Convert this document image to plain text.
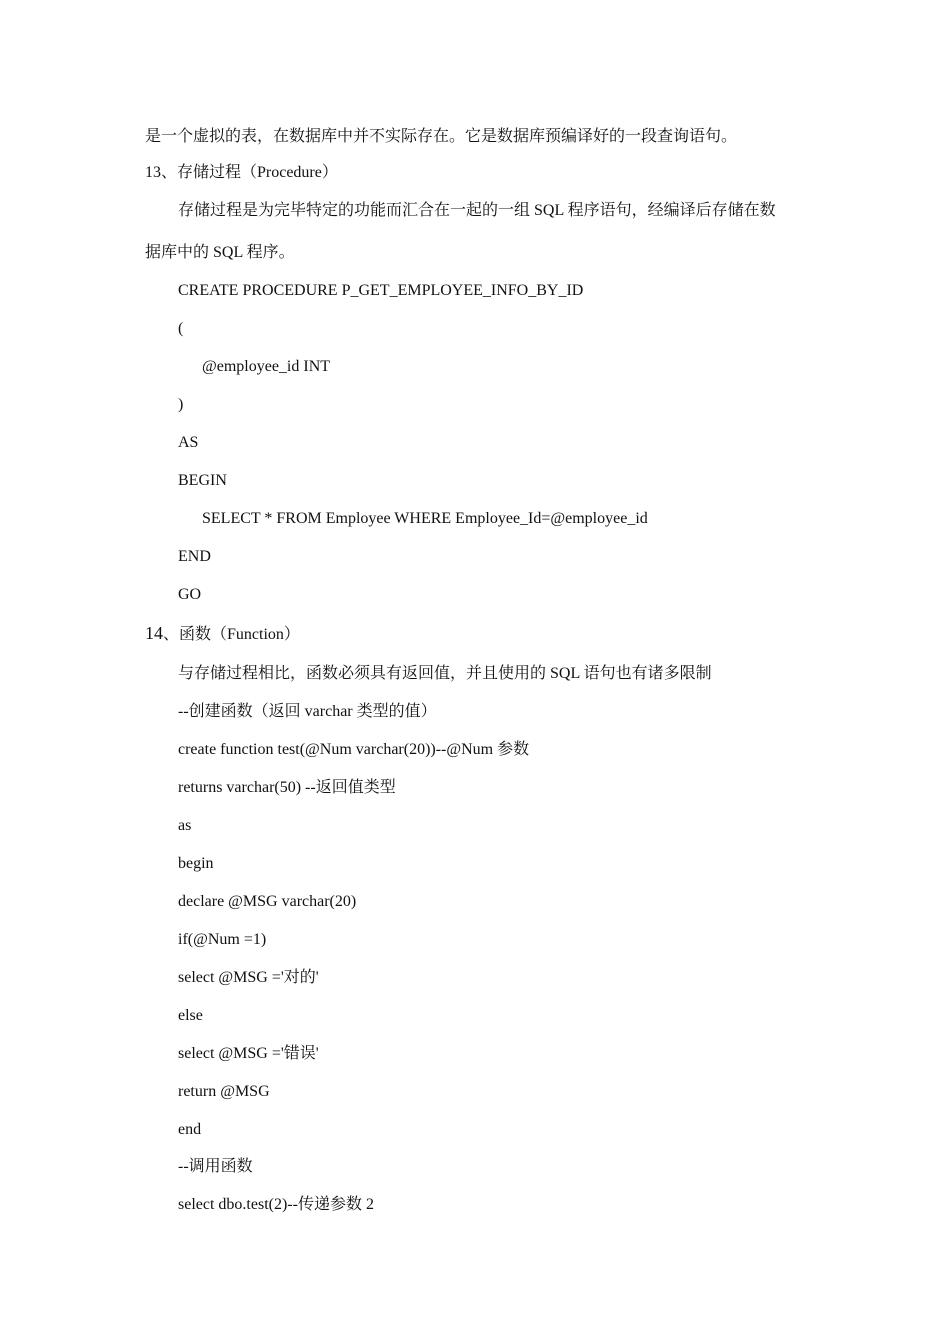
是一个虚拟的表，在数据库中并不实际存在。它是数据库预编译好的一段查询语句。
13、存储过程（Procedure）
存储过程是为完毕特定的功能而汇合在一起的一组 SQL 程序语句，经编译后存储在数
据库中的 SQL 程序。
CREATE PROCEDURE P_GET_EMPLOYEE_INFO_BY_ID
(
@employee_id INT
)
AS
BEGIN
SELECT * FROM Employee WHERE Employee_Id=@employee_id
END
GO
14、函数（Function）
与存储过程相比，函数必须具有返回值，并且使用的 SQL 语句也有诸多限制
--创建函数（返回 varchar 类型的值）
create function test(@Num varchar(20))--@Num 参数
returns varchar(50) --返回值类型
as
begin
declare @MSG varchar(20)
if(@Num =1)
select @MSG ='对的'
else
select @MSG ='错误'
return @MSG
end
--调用函数
select dbo.test(2)--传递参数 2
